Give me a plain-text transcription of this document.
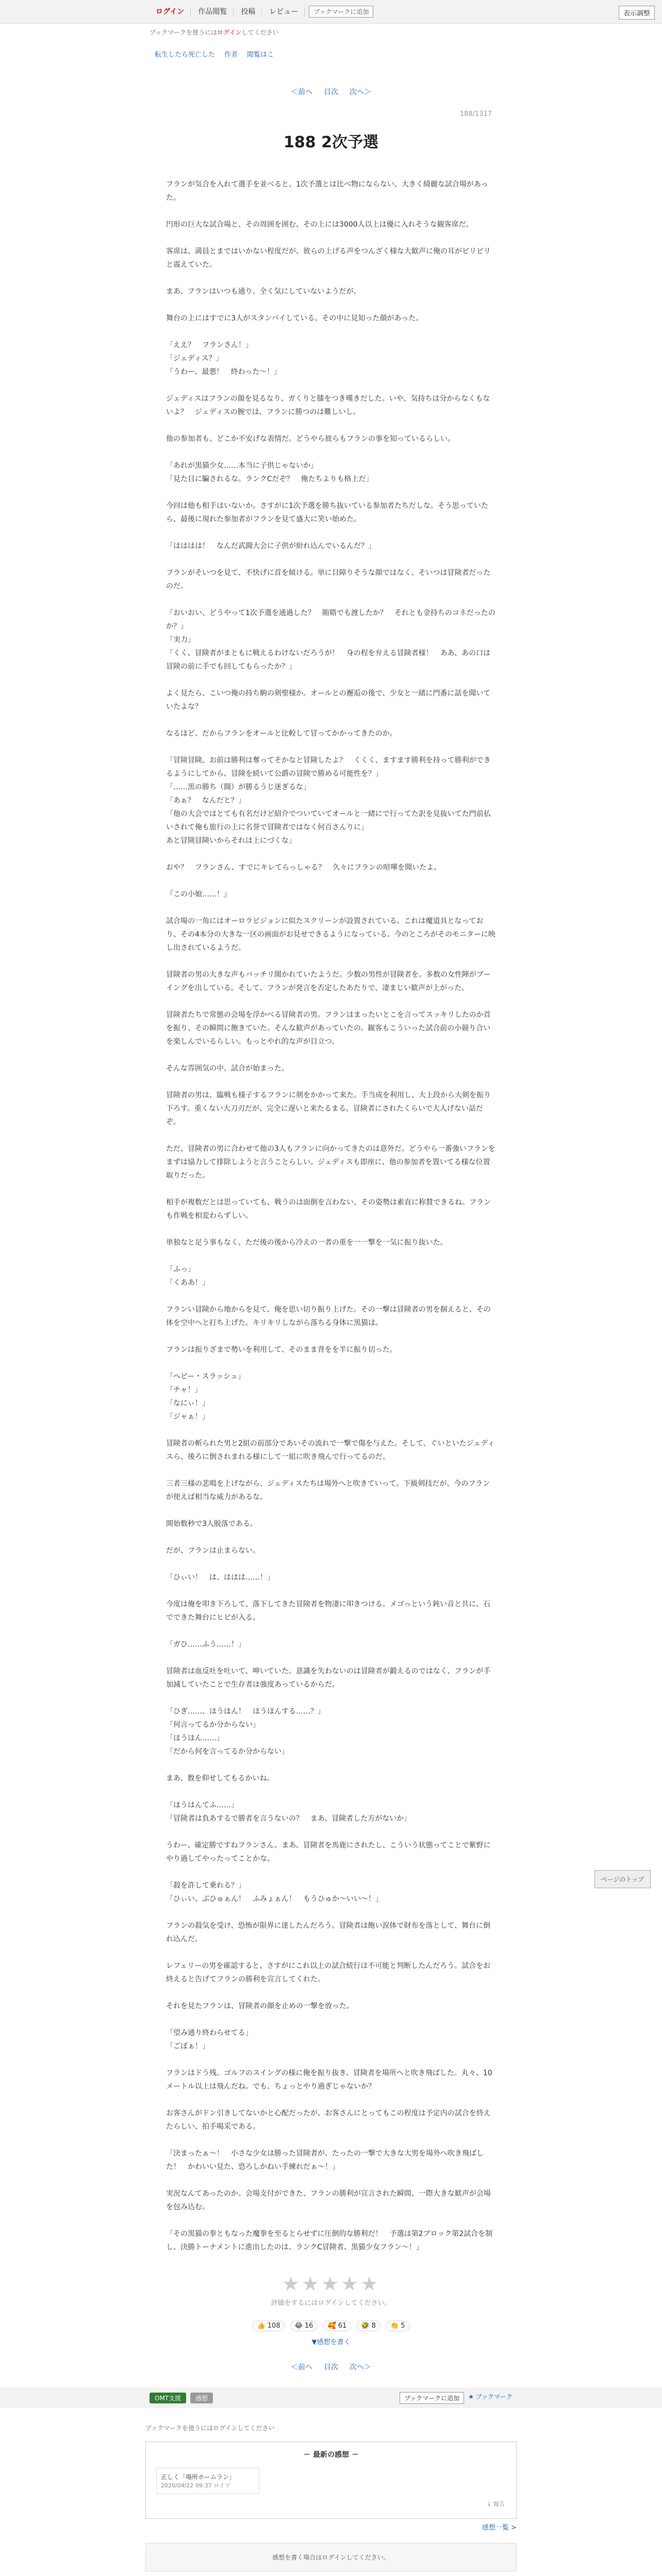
ログイン	作品閲覧	投稿	レビュー	ブックマークに追加	表示調整
ブックマークを使うにはログインしてください
転生したら死亡した 作者 閲覧はこ
＜前へ 目次 次へ＞
188/1317
188 2次予選

フランが気合を入れて選手を並べると、1次予選とは比べ物にならない、大きく綺麗な試合場があった。

円形の巨大な試合場と、その周囲を囲む、その上には3000人以上は優に入れそうな観客席だ。

客席は、満員とまではいかない程度だが、彼らの上げる声をつんざく様な大歓声に俺の耳がピリピリと震えていた。

まあ、フランはいつも通り、全く気にしていないようだが。

舞台の上にはすでに3人がスタンバイしている。その中に見知った顔があった。

「ええ？　フランさん！」
「ジェディス？」
「うわー、最悪！　終わった〜！」

ジェディスはフランの顔を見るなり、ガくりと膝をつき嘆きだした。いや、気持ちは分からなくもないよ？　ジェディスの腕では、フランに勝つのは難しいし。

他の参加者も、どこか不安げな表情だ。どうやら彼らもフランの事を知っているらしい。

「あれが黒猫少女……本当に子供じゃないか」
「見た目に騙されるな。ランクCだぞ？　俺たちよりも格上だ」

今回は他も相手はいないか。さすがに1次予選を勝ち抜いている参加者たちだしな。そう思っていたら、最後に現れた参加者がフランを見て盛大に笑い始めた。

「はははは！　なんだ武闘大会に子供が紛れ込んでいるんだ？」

フランがそいつを見て、不快げに首を傾ける。単に目障りそうな顔ではなく、そいつは冒険者だったのだ。

「おいおい、どうやって1次予選を通過した？　賄賂でも渡したか？　それとも金持ちのコネだったのか？」
「実力」
「くく、冒険者がまともに戦えるわけないだろうが！　身の程を弁える冒険者様！　ああ、あの口は冒険の前に手でも回してもらったか？」

よく見たら、こいつ俺の持ち駒の剣聖様か。オールとの邂逅の後で、少女と一緒に門番に話を聞いていたよな？

なるほど、だからフランをオールと比較して冒ってかかってきたのか。

「冒険冒険、お前は勝利は奪ってそかなと冒険したよ？　くくく、ますます勝利を持って勝利ができるようにしてから、冒険を続いて公爵の冒険で勝める可能性を？」
「……黒の勝ち（闘）が勝るうじ迷ぎるな」
「あぁ？　なんだと？」
「他の大会ではとても有名だけど紹介でついていてオールと一緒にで行ってた訳を見抜いてた門前払いされて俺も旅行の上に名誉で冒険者ではなく何百さんりに」
あと冒険冒険いからそれは上にづくな」

おや？　フランさん、すでにキレてらっしゃる？　久々にフランの喧嘩を聞いたよ。

『この小娘……！』

試合場の一角にはオーロラビジョンに似たスクリーンが設置されている。これは魔道具となっており、その4本分の大きな一区の画面がお見せできるようになっている。今のところがそのモニターに映し出されているようだ。

冒険者の男の大きな声もバッチリ聞かれていたようだ。少数の男性が冒険者を。多数の女性陣がブーイングを出している。そして、フランが発言を否定したあたりで、凄まじい歓声が上がった。

冒険者たちで常態の会場を浮かべる冒険者の男。フランはまったいとこを言ってスッキリしたのか首を振り、その瞬間に飽きていた。そんな歓声があっていたの。観客もこういった試合前の小競り合いを楽しんでいるらしい。もっとやれ的な声が目立つ。

そんな雰囲気の中、試合が始まった。

冒険者の男は、臨戦も様子するフランに剣をかかって来た。手当成を利用し、大上段から大剣を振り下ろす。重くない大刀刃だが、完全に遅いと来たるまる。冒険者にされたくらいで大人げない話だぞ。

ただ、冒険者の男に合わせて他の3人もフランに向かってきたのは意外だ。どうやら一番強いフランをまずは協力して排除しようと言うことらしい。ジェディスも即座に、他の参加者を置いてる様な位置取りだった。

相手が複数だとは思っていても、戦うのは面倒を言わない、その姿勢は素直に称賛できるね。フランも作戦を相変わらずしい。

単独なと足う事もなく、ただ後の後から冷えの一者の重を一一撃を一気に振り抜いた。

「ふっ」
「くああ！」

フランい冒険から地からを見て、俺を思い切り振り上げた。その一撃は冒険者の男を掴えると、その体を空中へと打ち上げた。キリキリしながら落ちる身体に黒猫は。

フランは振りざまで勢いを利用して、そのまま背をを半に振り切った。

「ヘビー・スラッシュ」
「チャ！」
「なにぃ！」
「ジャぁ！」

冒険者の斬られた男と2組の前部分であいその流れで一撃で傷を与えた。そして、ぐいといたジェディスら、後ろに倒されまれる様にして一組に吹き飛んで行ってるのだ。

三者三様の悲鳴を上げながら、ジェディスたちは場外へと吹きていって。下級剣技だが、今のフランが使えば相当な威力があるな。

開始数秒で3人脱落である。

だが、フランは止まらない。

「ひぃい！　は、ははは……！」

今度は俺を叩き下ろして、落下してきた冒険者を物凄に叩きつける。メゴっという鈍い音と共に、石でできた舞台にヒビが入る。

「ガひ……ふう……！」

冒険者は血反吐を吐いて、呻いていた。意識を失わないのは冒険者が鍛えるのではなく、フランが手加減していたことで生存者は強度あっているからだ。

「ひぎ……、ほうほん！　ほうほんする……？」
「何言ってるか分からない」
「ほうほん……」
「だから何を言ってるか分からない」

まあ、数を仰せしてもるかいね。

「ほうはんてふ……」
「冒険者は負あするで勝者を言うないの？　まあ、冒険者した方がないか」

うわー、確定勝ですねフランさん。まあ、冒険者を馬鹿にされたし、こういう状態ってことで紫野にやり過してやったってことかな。

「殺を許して乗れる？」
「ひぃい、ぶひゅぁん！　ふみょぁん！　もうひゅか〜いい〜！」

フランの殺気を受け、恐怖が限界に達したんだろう。冒険者は飽い涙体で財布を落として、舞台に倒れ込んだ。

レフェリーの男を確認すると、さすがにこれ以上の試合続行は不可能と判断したんだろう。試合をお終えると告げてフランの勝利を宣言してくれた。

それを見たフランは、冒険者の顔を止めの一撃を放った。

「望み通り終わらせてる」
「ごぼぁ！」

フランはドう残。ゴルフのスイングの様に俺を振り抜き、冒険者を場所へと吹き飛ばした。丸々、10メートル以上は飛んだね。でも、ちょっとやり過ぎじゃないか？

お客さんがドン引きしてないかと心配だったが、お客さんにとってもこの程度は予定内の試合を終えたらしい、拍手喝采である。

「決まったぁ～！　小さな少女は勝った冒険者が、たったの一撃で大きな大男を場外へ吹き飛ばした！　かわいい見た、恐ろしかねい手練れだぁ～！」

実況なんてあったのか。会場支付ができた、フランの勝利が宣言された瞬間、一際大きな歓声が会場を包み込む。

「その黒猫の拳ともなった魔拳を至るとらせずに圧倒的な勝利だ！　予選は第2ブロック第2試合を制し、決勝トーナメントに進出したのは、ランクC冒険者、黒猫少女フラン～！」

★★★★★
評価をするにはログインしてください。
👍 108	😂 16	🥰 61	🤣 8	👏 5
▼感想を書く
＜前へ 目次 次へ＞
OMT支援	感想	ブックマークに追加	★ ブックマーク
ブックマークを使うにはログインしてください
－ 最新の感想 －
正しく「場所ホームラン」
2020/04/22 09:37 ロイツ
↓ 報告
感想一覧 >
感想を書く場合はログインしてください。
ページのトップ
